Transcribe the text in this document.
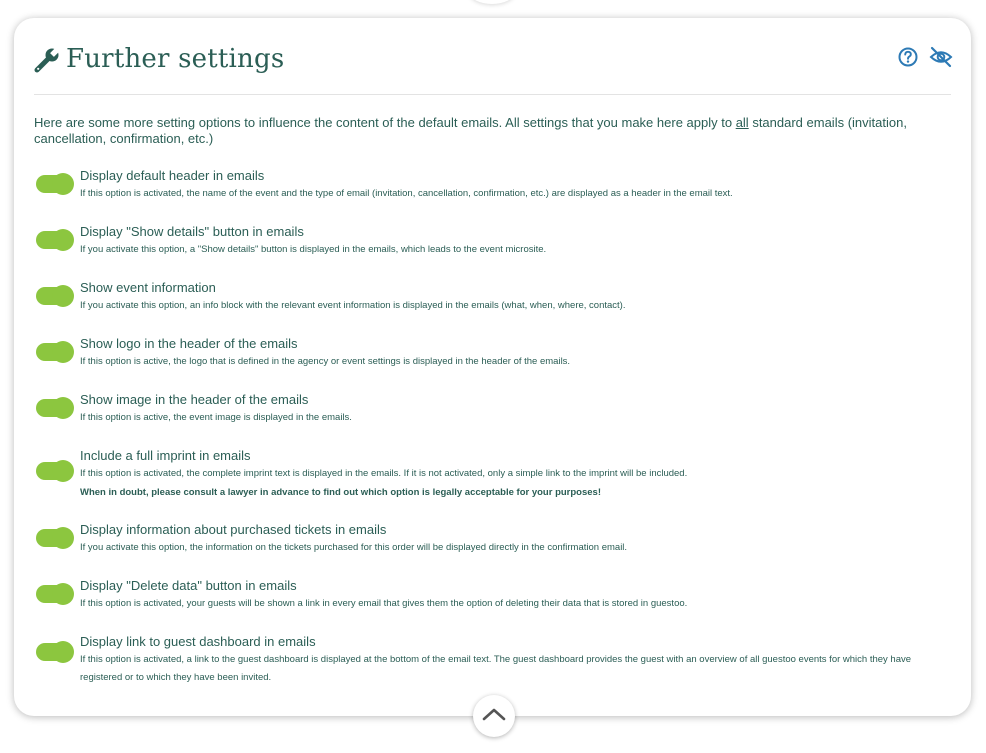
Further settings
Here are some more setting options to influence the content of the default emails. All settings that you make here apply to all standard emails (invitation, cancellation, confirmation, etc.)
Display default header in emails
If this option is activated, the name of the event and the type of email (invitation, cancellation, confirmation, etc.) are displayed as a header in the email text.
Display "Show details" button in emails
If you activate this option, a "Show details" button is displayed in the emails, which leads to the event microsite.
Show event information
If you activate this option, an info block with the relevant event information is displayed in the emails (what, when, where, contact).
Show logo in the header of the emails
If this option is active, the logo that is defined in the agency or event settings is displayed in the header of the emails.
Show image in the header of the emails
If this option is active, the event image is displayed in the emails.
Include a full imprint in emails
If this option is activated, the complete imprint text is displayed in the emails. If it is not activated, only a simple link to the imprint will be included.
When in doubt, please consult a lawyer in advance to find out which option is legally acceptable for your purposes!
Display information about purchased tickets in emails
If you activate this option, the information on the tickets purchased for this order will be displayed directly in the confirmation email.
Display "Delete data" button in emails
If this option is activated, your guests will be shown a link in every email that gives them the option of deleting their data that is stored in guestoo.
Display link to guest dashboard in emails
If this option is activated, a link to the guest dashboard is displayed at the bottom of the email text. The guest dashboard provides the guest with an overview of all guestoo events for which they have registered or to which they have been invited.
